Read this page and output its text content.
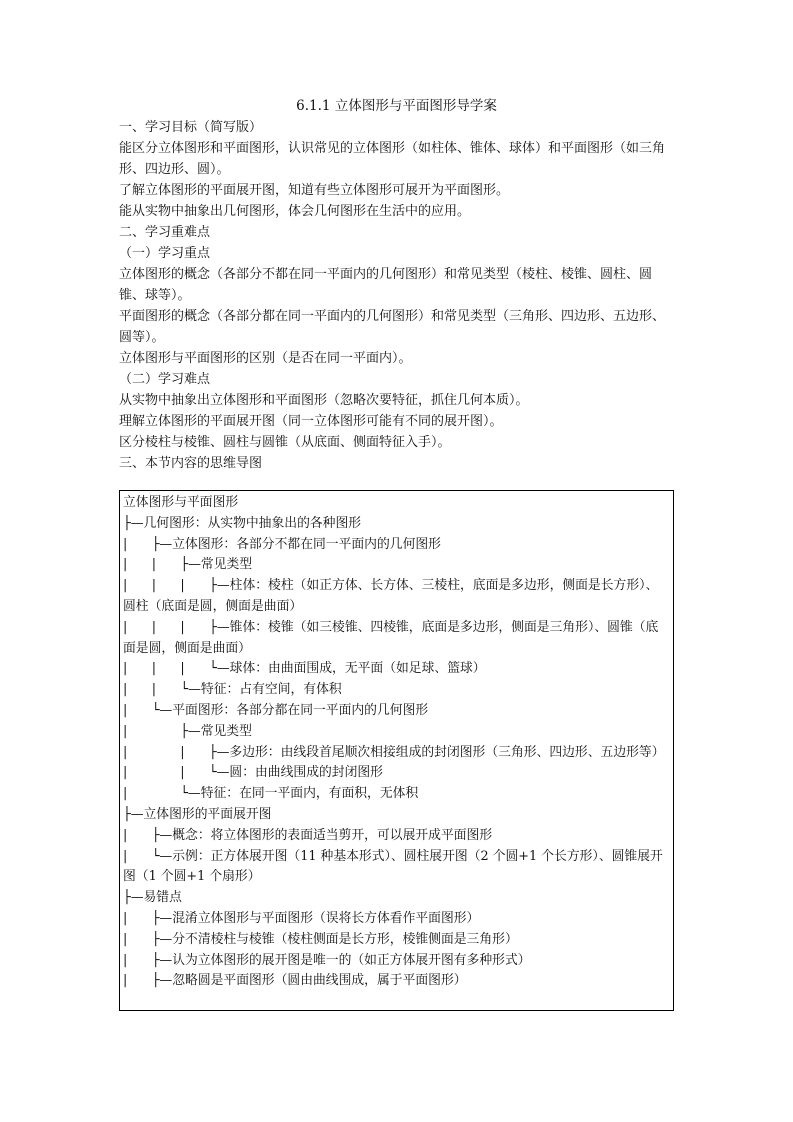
6.1.1 立体图形与平面图形导学案

一、学习目标（简写版）

能区分立体图形和平面图形，认识常见的立体图形（如柱体、锥体、球体）和平面图形（如三角形、四边形、圆）。

了解立体图形的平面展开图，知道有些立体图形可展开为平面图形。

能从实物中抽象出几何图形，体会几何图形在生活中的应用。

二、学习重难点

（一）学习重点

立体图形的概念（各部分不都在同一平面内的几何图形）和常见类型（棱柱、棱锥、圆柱、圆锥、球等）。

平面图形的概念（各部分都在同一平面内的几何图形）和常见类型（三角形、四边形、五边形、圆等）。

立体图形与平面图形的区别（是否在同一平面内）。

（二）学习难点

从实物中抽象出立体图形和平面图形（忽略次要特征，抓住几何本质）。

理解立体图形的平面展开图（同一立体图形可能有不同的展开图）。

区分棱柱与棱锥、圆柱与圆锥（从底面、侧面特征入手）。

三、本节内容的思维导图

立体图形与平面图形

├—几何图形：从实物中抽象出的各种图形

|      ├—立体图形：各部分不都在同一平面内的几何图形

|      |      ├—常见类型

|      |      |      ├—柱体：棱柱（如正方体、长方体、三棱柱，底面是多边形，侧面是长方形）、圆柱（底面是圆，侧面是曲面）

|      |      |      ├—锥体：棱锥（如三棱锥、四棱锥，底面是多边形，侧面是三角形）、圆锥（底面是圆，侧面是曲面）

|      |      |      └—球体：由曲面围成，无平面（如足球、篮球）

|      |      └—特征：占有空间，有体积

|      └—平面图形：各部分都在同一平面内的几何图形

|             ├—常见类型

|             |      ├—多边形：由线段首尾顺次相接组成的封闭图形（三角形、四边形、五边形等）

|             |      └—圆：由曲线围成的封闭图形

|             └—特征：在同一平面内，有面积，无体积

├—立体图形的平面展开图

|      ├—概念：将立体图形的表面适当剪开，可以展开成平面图形

|      └—示例：正方体展开图（11 种基本形式）、圆柱展开图（2 个圆+1 个长方形）、圆锥展开图（1 个圆+1 个扇形）

├—易错点

|      ├—混淆立体图形与平面图形（误将长方体看作平面图形）

|      ├—分不清棱柱与棱锥（棱柱侧面是长方形，棱锥侧面是三角形）

|      ├—认为立体图形的展开图是唯一的（如正方体展开图有多种形式）

|      ├—忽略圆是平面图形（圆由曲线围成，属于平面图形）
